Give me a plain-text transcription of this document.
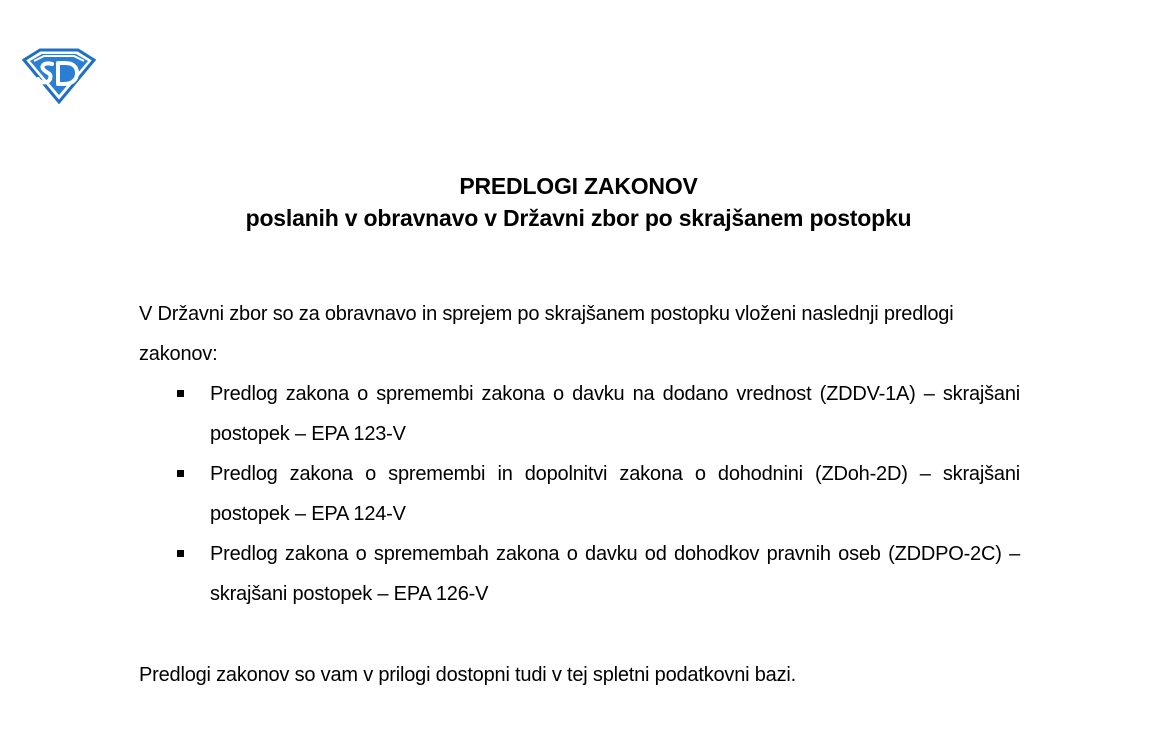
PREDLOGI ZAKONOV
poslanih v obravnavo v Državni zbor po skrajšanem postopku

V Državni zbor so za obravnavo in sprejem po skrajšanem postopku vloženi naslednji predlogi zakonov:

Predlog zakona o spremembi zakona o davku na dodano vrednost (ZDDV-1A) – skrajšani postopek – EPA 123-V
Predlog zakona o spremembi in dopolnitvi zakona o dohodnini (ZDoh-2D) – skrajšani postopek – EPA 124-V
Predlog zakona o spremembah zakona o davku od dohodkov pravnih oseb (ZDDPO-2C) – skrajšani postopek – EPA 126-V

Predlogi zakonov so vam v prilogi dostopni tudi v tej spletni podatkovni bazi.
